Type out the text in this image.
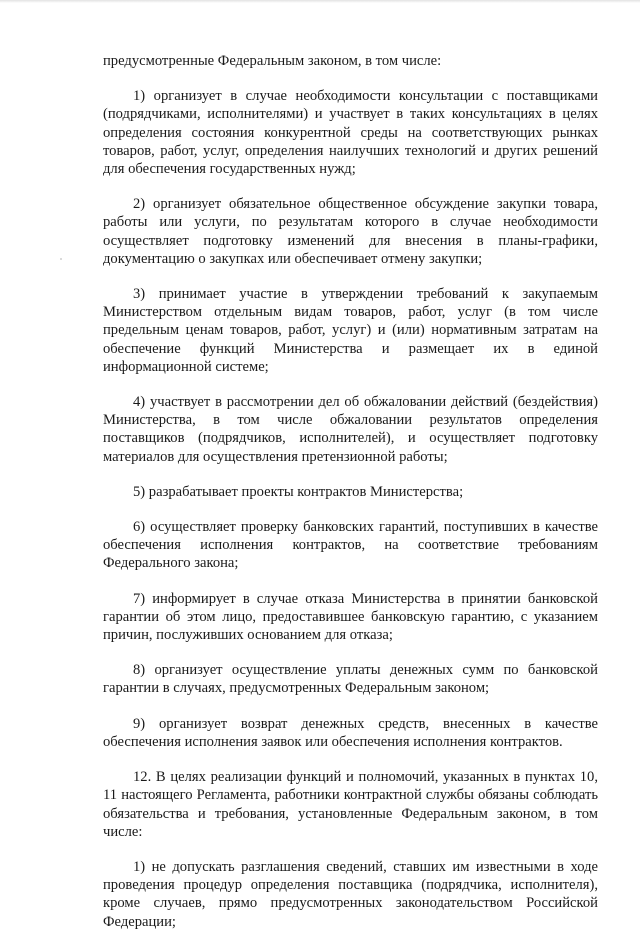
предусмотренные Федеральным законом, в том числе:

1) организует в случае необходимости консультации с поставщиками (подрядчиками, исполнителями) и участвует в таких консультациях в целях определения состояния конкурентной среды на соответствующих рынках товаров, работ, услуг, определения наилучших технологий и других решений для обеспечения государственных нужд;

2) организует обязательное общественное обсуждение закупки товара, работы или услуги, по результатам которого в случае необходимости осуществляет подготовку изменений для внесения в планы-графики, документацию о закупках или обеспечивает отмену закупки;

3) принимает участие в утверждении требований к закупаемым Министерством отдельным видам товаров, работ, услуг (в том числе предельным ценам товаров, работ, услуг) и (или) нормативным затратам на обеспечение функций Министерства и размещает их в единой информационной системе;

4) участвует в рассмотрении дел об обжаловании действий (бездействия) Министерства, в том числе обжаловании результатов определения поставщиков (подрядчиков, исполнителей), и осуществляет подготовку материалов для осуществления претензионной работы;

5) разрабатывает проекты контрактов Министерства;

6) осуществляет проверку банковских гарантий, поступивших в качестве обеспечения исполнения контрактов, на соответствие требованиям Федерального закона;

7) информирует в случае отказа Министерства в принятии банковской гарантии об этом лицо, предоставившее банковскую гарантию, с указанием причин, послуживших основанием для отказа;

8) организует осуществление уплаты денежных сумм по банковской гарантии в случаях, предусмотренных Федеральным законом;

9) организует возврат денежных средств, внесенных в качестве обеспечения исполнения заявок или обеспечения исполнения контрактов.

12. В целях реализации функций и полномочий, указанных в пунктах 10, 11 настоящего Регламента, работники контрактной службы обязаны соблюдать обязательства и требования, установленные Федеральным законом, в том числе:

1) не допускать разглашения сведений, ставших им известными в ходе проведения процедур определения поставщика (подрядчика, исполнителя), кроме случаев, прямо предусмотренных законодательством Российской Федерации;
